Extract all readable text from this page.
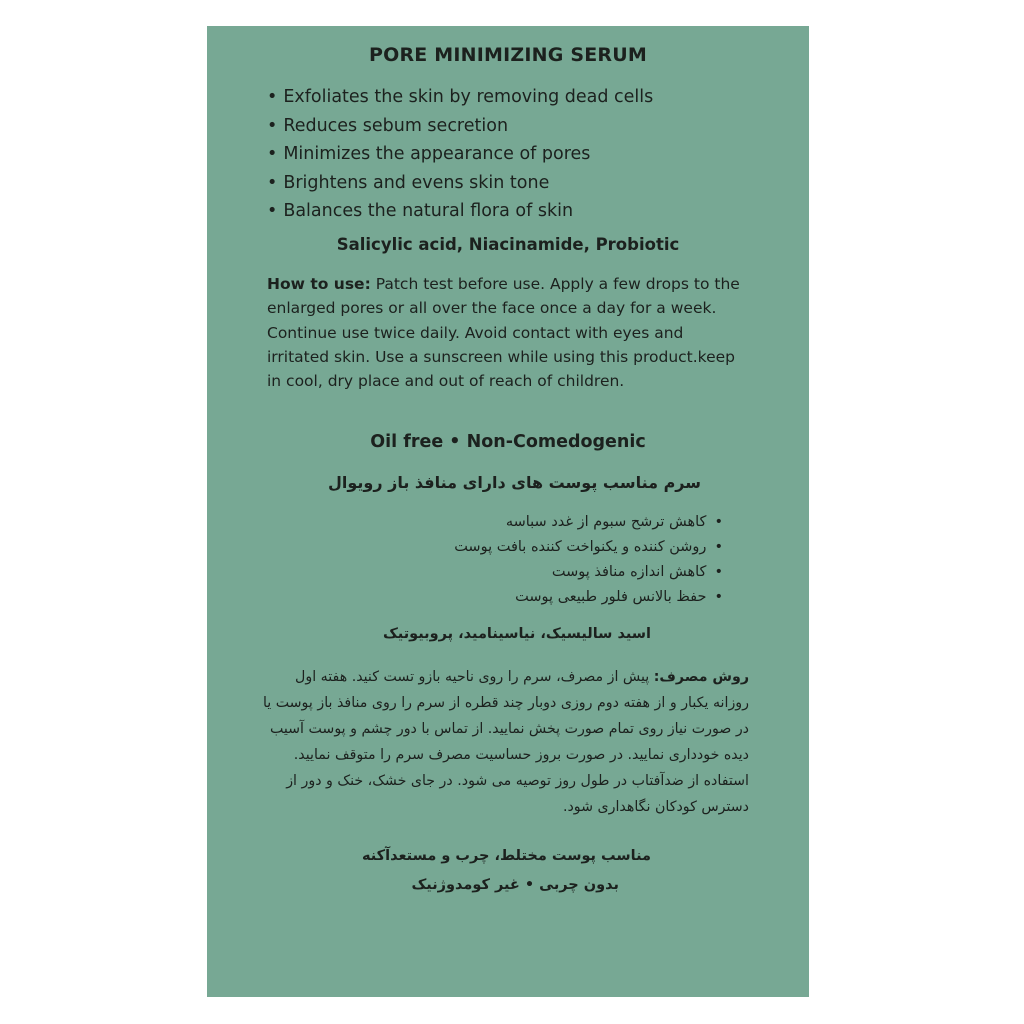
PORE MINIMIZING SERUM
• Exfoliates the skin by removing dead cells
• Reduces sebum secretion
• Minimizes the appearance of pores
• Brightens and evens skin tone
• Balances the natural flora of skin
Salicylic acid, Niacinamide, Probiotic
How to use: Patch test before use. Apply a few drops to the enlarged pores or all over the face once a day for a week. Continue use twice daily. Avoid contact with eyes and irritated skin. Use a sunscreen while using this product.keep in cool, dry place and out of reach of children.
Oil free • Non-Comedogenic
سرم مناسب پوست های دارای منافذ باز رویوال
• کاهش ترشح سبوم از غدد سباسه
• روشن کننده و یکنواخت کننده بافت پوست
• کاهش اندازه منافذ پوست
• حفظ بالانس فلور طبیعی پوست
اسید سالیسیک، نیاسینامید، پروبیوتیک
روش مصرف: پیش از مصرف، سرم را روی ناحیه بازو تست کنید. هفته اول روزانه یکبار و از هفته دوم روزی دوبار چند قطره از سرم را روی منافذ باز پوست یا در صورت نیاز روی تمام صورت پخش نمایید. از تماس با دور چشم و پوست آسیب دیده خودداری نمایید. در صورت بروز حساسیت مصرف سرم را متوقف نمایید. استفاده از ضدآفتاب در طول روز توصیه می شود. در جای خشک، خنک و دور از دسترس کودکان نگاهداری شود.
مناسب پوست مختلط، چرب و مستعدآکنه
بدون چربی • غیر کومدوژنیک
